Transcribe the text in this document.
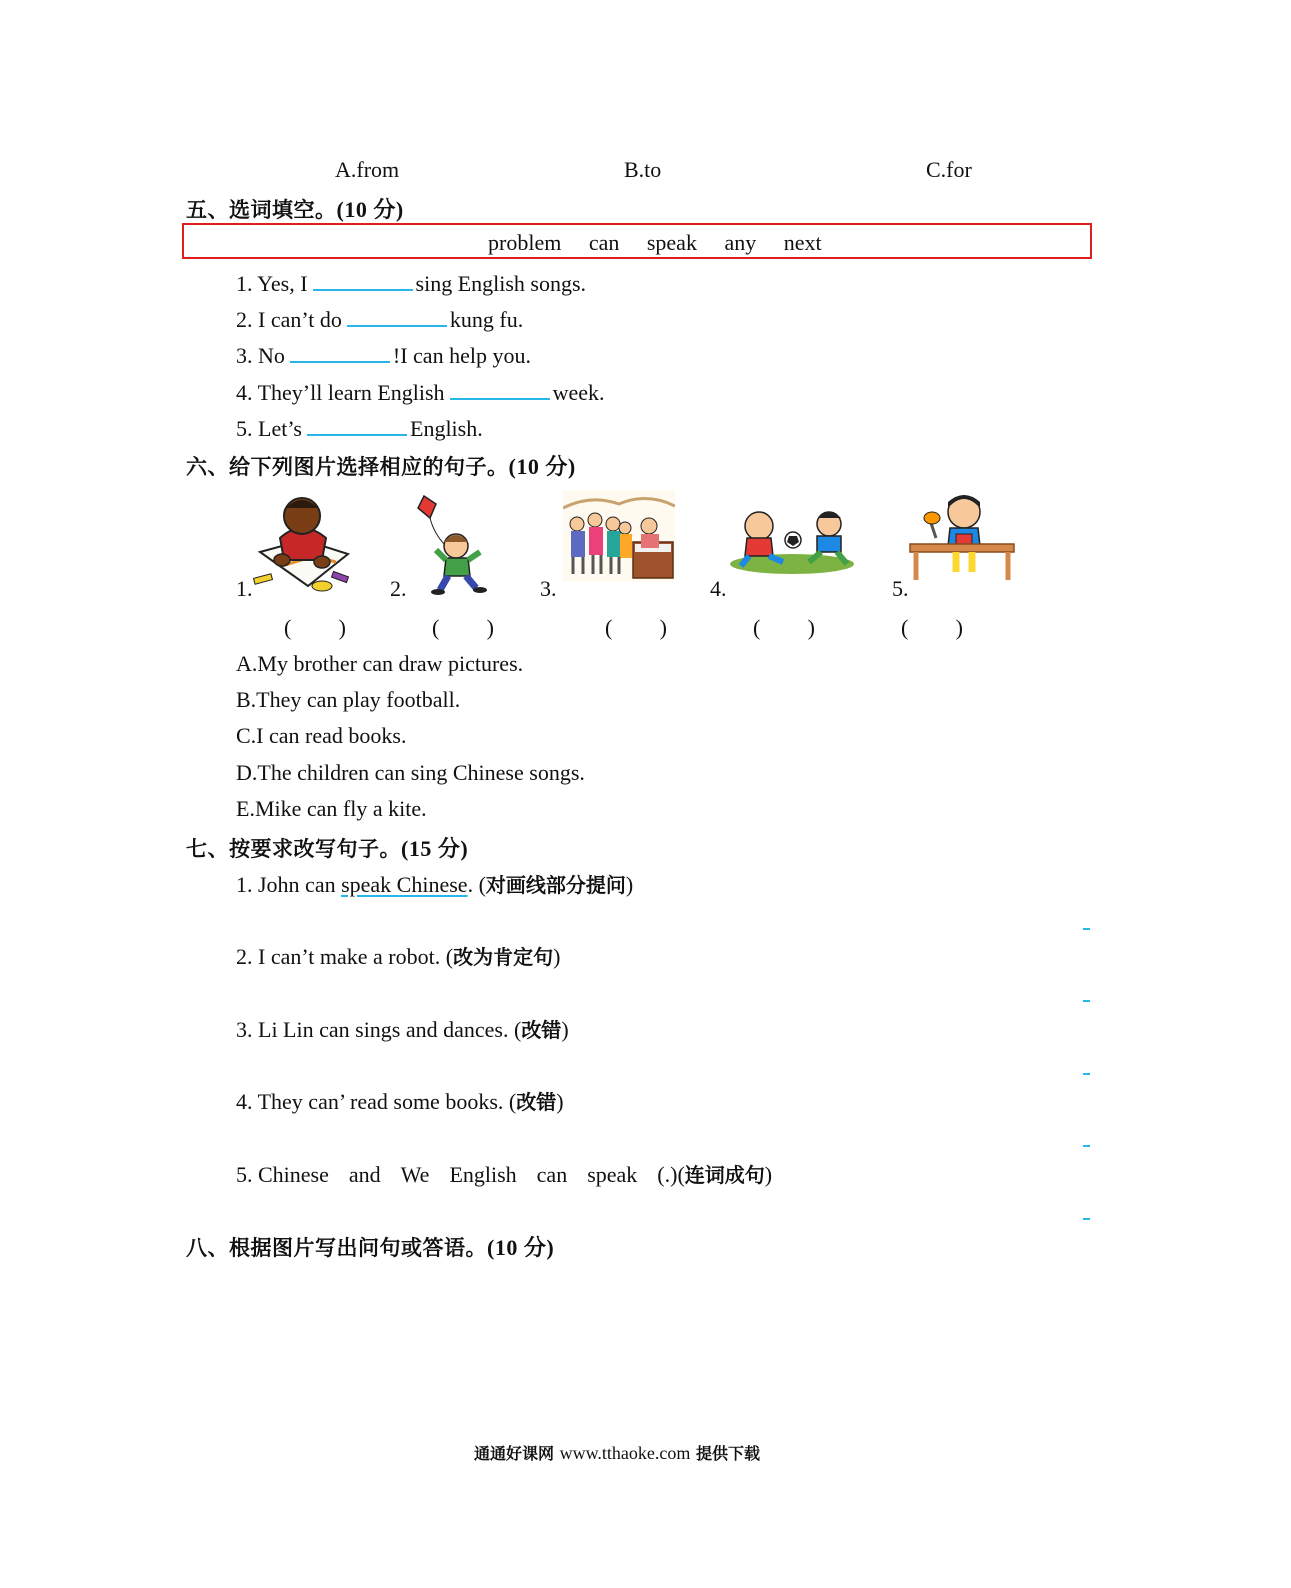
A.from	B.to	C.for
五、选词填空。(10 分)
problem can speak any next
1. Yes, I	sing English songs.
2. I can’t do	kung fu.
3. No	!I can help you.
4. They’ll learn English	week.
5. Let’s	English.
六、给下列图片选择相应的句子。(10 分)
1.	2.	3.	4.	5.
( )	( )	( )	( )	( )
A.My brother can draw pictures.
B.They can play football.
C.I can read books.
D.The children can sing Chinese songs.
E.Mike can fly a kite.
七、按要求改写句子。(15 分)
1. John can speak Chinese. (对画线部分提问)
2. I can’t make a robot. (改为肯定句)
3. Li Lin can sings and dances. (改错)
4. They can’ read some books. (改错)
5. Chinese and We English can speak (.)(连词成句)
八、根据图片写出问句或答语。(10 分)
通通好课网 www.tthaoke.com 提供下载
